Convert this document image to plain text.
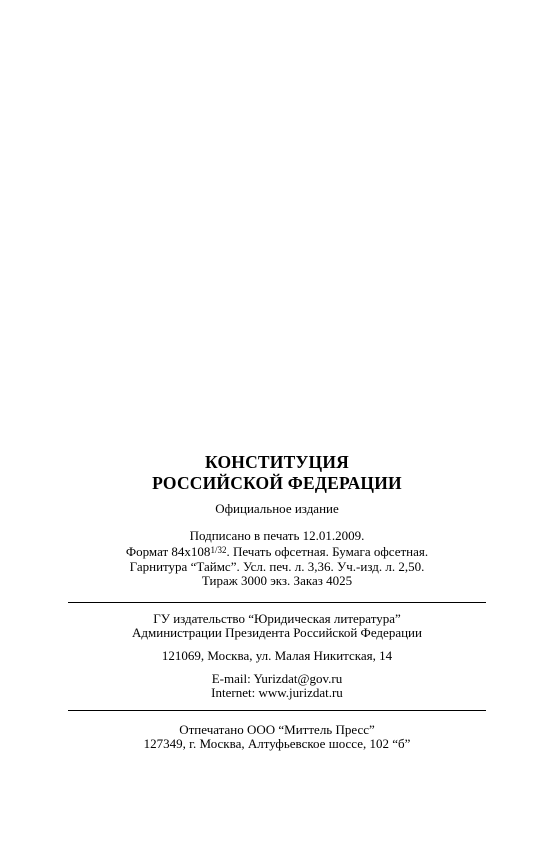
КОНСТИТУЦИЯ
РОССИЙСКОЙ ФЕДЕРАЦИИ
Официальное издание
Подписано в печать 12.01.2009.
Формат $84x108^{1/32}$. Печать офсетная. Бумага офсетная.
Гарнитура “Таймс”. Усл. печ. л. 3,36. Уч.-изд. л. 2,50.
Тираж 3000 экз. Заказ 4025
ГУ издательство “Юридическая литература”
Администрации Президента Российской Федерации
121069, Москва, ул. Малая Никитская, 14
E-mail: Yurizdat@gov.ru
Internet: www.jurizdat.ru
Отпечатано ООО “Миттель Пресс”
127349, г. Москва, Алтуфьевское шоссе, 102 “б”
